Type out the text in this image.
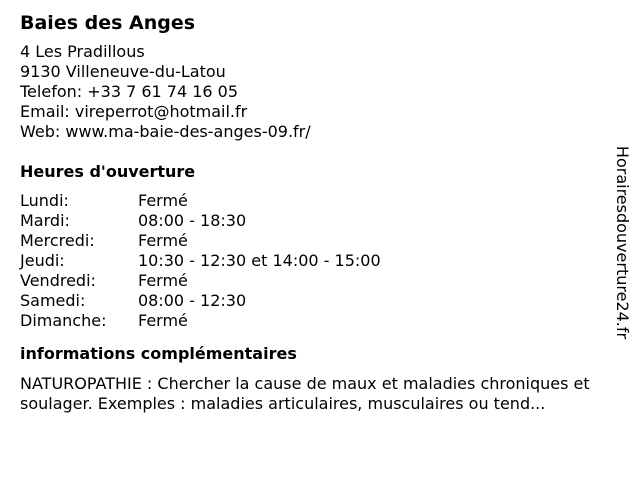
Baies des Anges
4 Les Pradillous
9130 Villeneuve-du-Latou
Telefon: +33 7 61 74 16 05
Email: vireperrot@hotmail.fr
Web: www.ma-baie-des-anges-09.fr/
Heures d'ouverture
Lundi:	Fermé
Mardi:	08:00 - 18:30
Mercredi:	Fermé
Jeudi:	10:30 - 12:30 et 14:00 - 15:00
Vendredi:	Fermé
Samedi:	08:00 - 12:30
Dimanche:	Fermé
informations complémentaires
NATUROPATHIE : Chercher la cause de maux et maladies chroniques et soulager. Exemples : maladies articulaires, musculaires ou tend...
Horairesdouverture24.fr
